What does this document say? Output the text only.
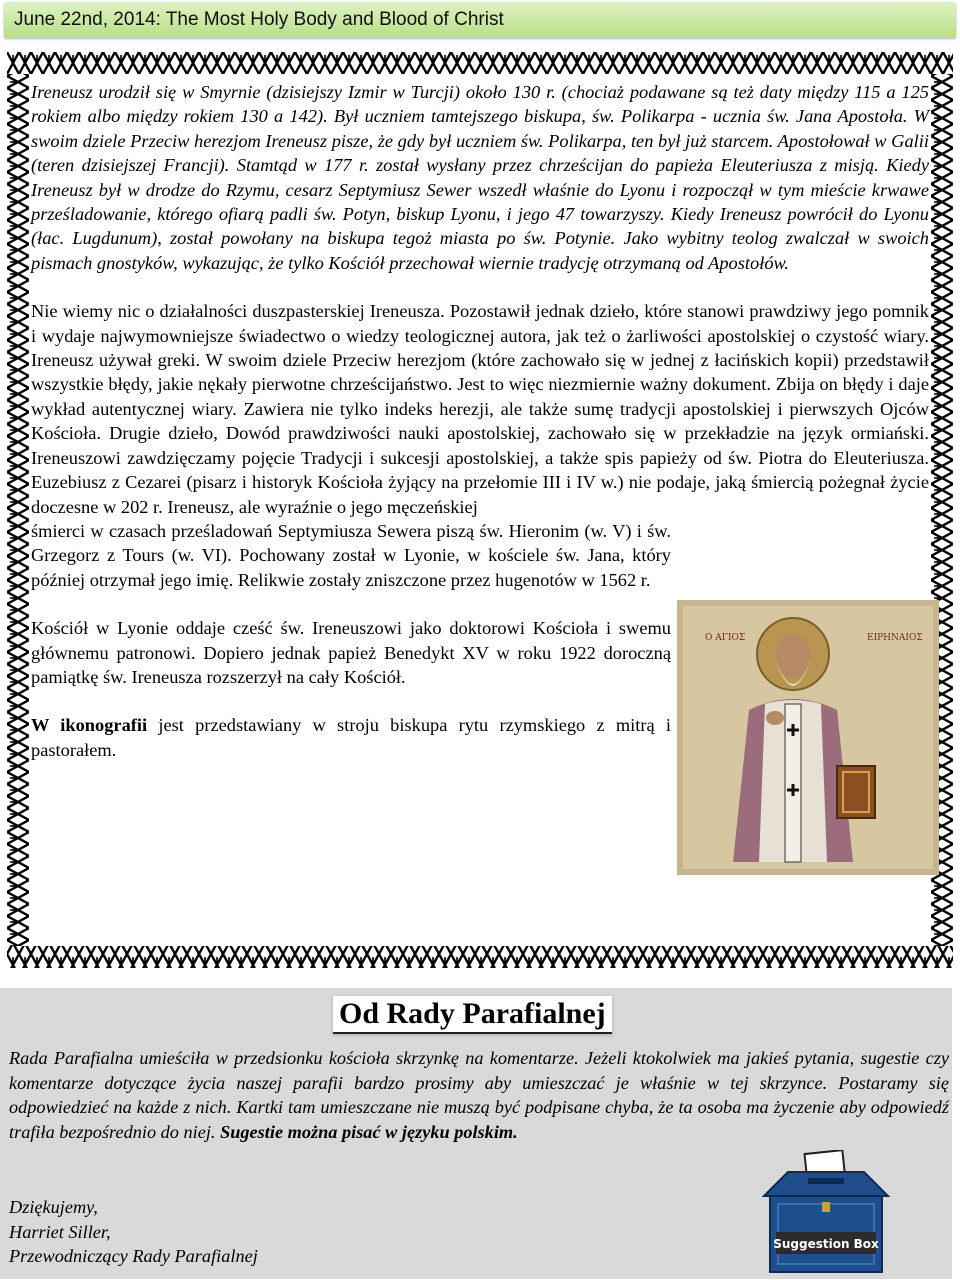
June 22nd, 2014: The Most Holy Body and Blood of Christ

Ireneusz urodził się w Smyrnie (dzisiejszy Izmir w Turcji) około 130 r. (chociaż podawane są też daty między 115 a 125 rokiem albo między rokiem 130 a 142). Był uczniem tamtejszego biskupa, św. Polikarpa - ucznia św. Jana Apostoła. W swoim dziele Przeciw herezjom Ireneusz pisze, że gdy był uczniem św. Polikarpa, ten był już starcem. Apostołował w Galii (teren dzisiejszej Francji). Stamtąd w 177 r. został wysłany przez chrześcijan do papieża Eleuteriusza z misją. Kiedy Ireneusz był w drodze do Rzymu, cesarz Septymiusz Sewer wszedł właśnie do Lyonu i rozpoczął w tym mieście krwawe prześladowanie, którego ofiarą padli św. Potyn, biskup Lyonu, i jego 47 towarzyszy. Kiedy Ireneusz powrócił do Lyonu (łac. Lugdunum), został powołany na biskupa tegoż miasta po św. Potynie. Jako wybitny teolog zwalczał w swoich pismach gnostyków, wykazując, że tylko Kościół przechował wiernie tradycję otrzymaną od Apostołów.

Nie wiemy nic o działalności duszpasterskiej Ireneusza. Pozostawił jednak dzieło, które stanowi prawdziwy jego pomnik i wydaje najwymowniejsze świadectwo o wiedzy teologicznej autora, jak też o żarliwości apostolskiej o czystość wiary. Ireneusz używał greki. W swoim dziele Przeciw herezjom (które zachowało się w jednej z łacińskich kopii) przedstawił wszystkie błędy, jakie nękały pierwotne chrześcijaństwo. Jest to więc niezmiernie ważny dokument. Zbija on błędy i daje wykład autentycznej wiary. Zawiera nie tylko indeks herezji, ale także sumę tradycji apostolskiej i pierwszych Ojców Kościoła. Drugie dzieło, Dowód prawdziwości nauki apostolskiej, zachowało się w przekładzie na język ormiański. Ireneuszowi zawdzięczamy pojęcie Tradycji i sukcesji apostolskiej, a także spis papieży od św. Piotra do Eleuteriusza. Euzebiusz z Cezarei (pisarz i historyk Kościoła żyjący na przełomie III i IV w.) nie podaje, jaką śmiercią pożegnał życie doczesne w 202 r. Ireneusz, ale wyraźnie o jego męczeńskiej

śmierci w czasach prześladowań Septymiusza Sewera piszą św. Hieronim (w. V) i św. Grzegorz z Tours (w. VI). Pochowany został w Lyonie, w kościele św. Jana, który później otrzymał jego imię. Relikwie zostały zniszczone przez hugenotów w 1562 r.

Kościół w Lyonie oddaje cześć św. Ireneuszowi jako doktorowi Kościoła i swemu głównemu patronowi. Dopiero jednak papież Benedykt XV w roku 1922 doroczną pamiątkę św. Ireneusza rozszerzył na cały Kościół.

W ikonografii jest przedstawiany w stroju biskupa rytu rzymskiego z mitrą i pastorałem.

Ο ΑΓΙΟΣ	ΕΙΡΗΝΑΙΟΣ
Od Rady Parafialnej
Rada Parafialna umieściła w przedsionku kościoła skrzynkę na komentarze. Jeżeli ktokolwiek ma jakieś pytania, sugestie czy komentarze dotyczące życia naszej parafii bardzo prosimy aby umieszczać je właśnie w tej skrzynce. Postaramy się odpowiedzieć na każde z nich. Kartki tam umieszczane nie muszą być podpisane chyba, że ta osoba ma życzenie aby odpowiedź trafiła bezpośrednio do niej. Sugestie można pisać w języku polskim.
Dziękujemy,
Harriet Siller,
Przewodniczący Rady Parafialnej
Suggestion Box
